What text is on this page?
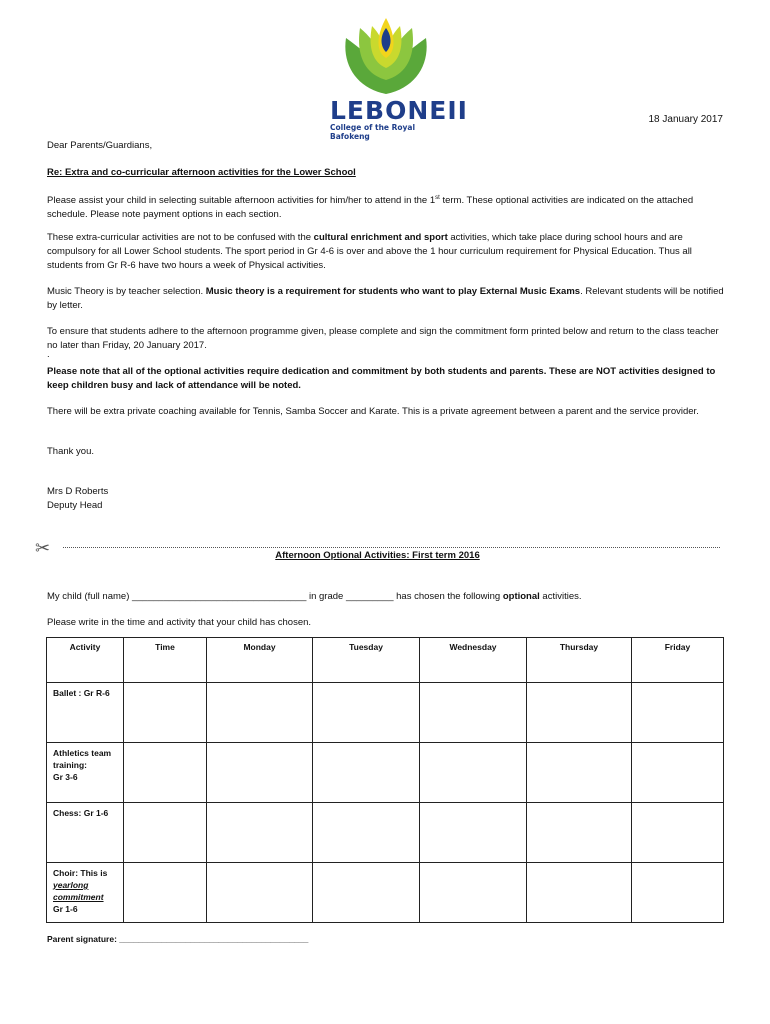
LEBONEII
College of the Royal Bafokeng
18 January 2017
Dear Parents/Guardians,
Re: Extra and co-curricular afternoon activities for the Lower School
Please assist your child in selecting suitable afternoon activities for him/her to attend in the 1st term. These optional activities are indicated on the attached schedule. Please note payment options in each section.
These extra-curricular activities are not to be confused with the cultural enrichment and sport activities, which take place during school hours and are compulsory for all Lower School students. The sport period in Gr 4-6 is over and above the 1 hour curriculum requirement for Physical Education. Thus all students from Gr R-6 have two hours a week of Physical activities.
Music Theory is by teacher selection. Music theory is a requirement for students who want to play External Music Exams. Relevant students will be notified by letter.
To ensure that students adhere to the afternoon programme given, please complete and sign the commitment form printed below and return to the class teacher no later than Friday, 20 January 2017.
.
Please note that all of the optional activities require dedication and commitment by both students and parents. These are NOT activities designed to keep children busy and lack of attendance will be noted.
There will be extra private coaching available for Tennis, Samba Soccer and Karate. This is a private agreement between a parent and the service provider.
Thank you.
Mrs D Roberts
Deputy Head
✂	Afternoon Optional Activities: First term 2016
My child (full name) _________________________________ in grade _________ has chosen the following optional activities.
Please write in the time and activity that your child has chosen.
Activity	Time	Monday	Tuesday	Wednesday	Thursday	Friday

Ballet : Gr R-6						

Athletics team
training:
Gr 3-6						

Chess: Gr 1-6						

Choir: This is
yearlong
commitment
Gr 1-6						

Parent signature: ________________________________________
